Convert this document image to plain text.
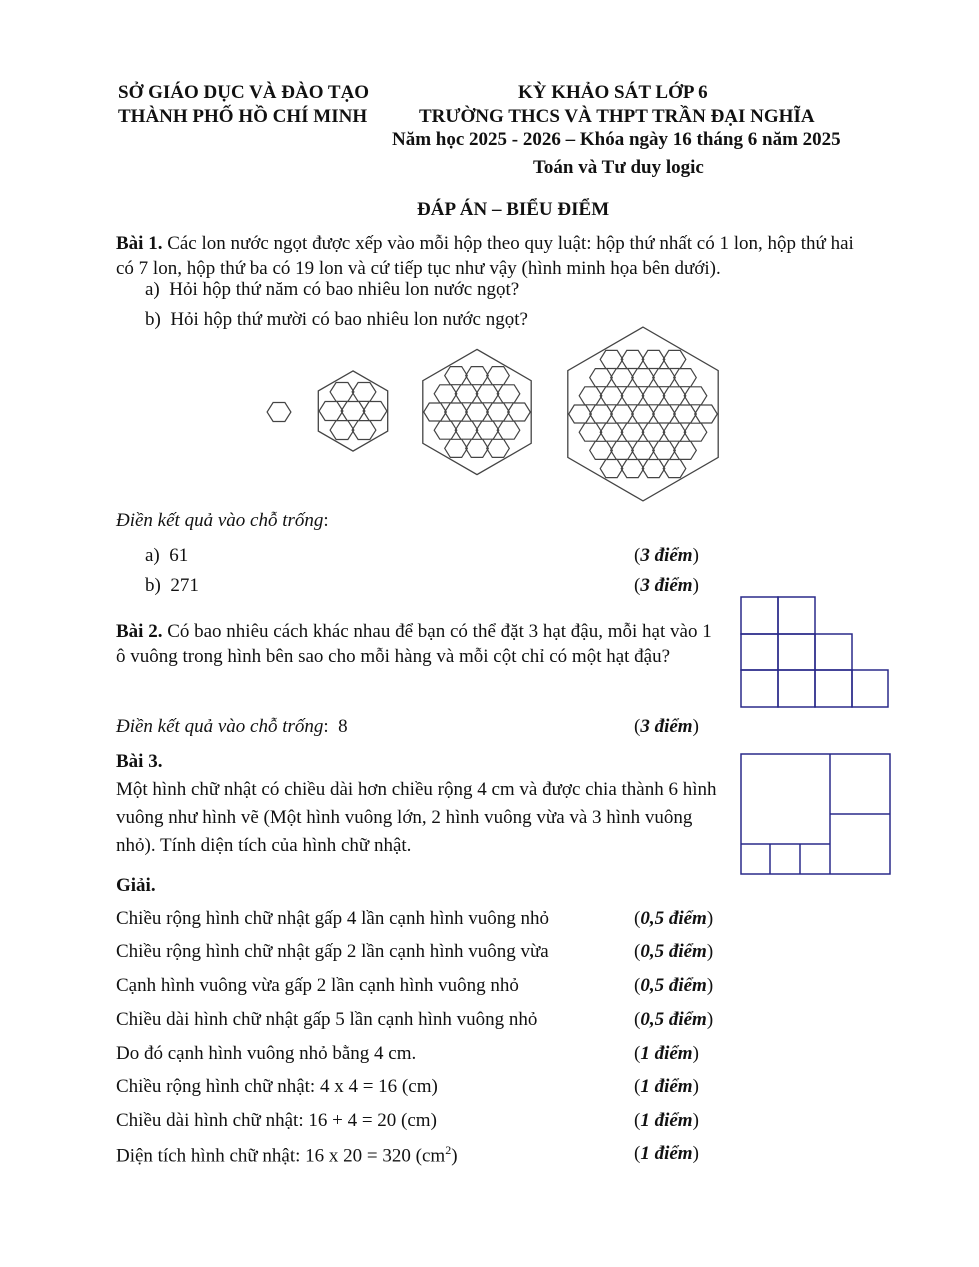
SỞ GIÁO DỤC VÀ ĐÀO TẠO
THÀNH PHỐ HỒ CHÍ MINH
KỲ KHẢO SÁT LỚP 6
TRƯỜNG THCS VÀ THPT TRẦN ĐẠI NGHĨA
Năm học 2025 - 2026 – Khóa ngày 16 tháng 6 năm 2025
Toán và Tư duy logic
ĐÁP ÁN – BIỂU ĐIỂM
Bài 1. Các lon nước ngọt được xếp vào mỗi hộp theo quy luật: hộp thứ nhất có 1 lon, hộp thứ hai có 7 lon, hộp thứ ba có 19 lon và cứ tiếp tục như vậy (hình minh họa bên dưới).
a) Hỏi hộp thứ năm có bao nhiêu lon nước ngọt?
b) Hỏi hộp thứ mười có bao nhiêu lon nước ngọt?
Điền kết quả vào chỗ trống:
a) 61	(3 điểm)
b) 271	(3 điểm)
Bài 2. Có bao nhiêu cách khác nhau để bạn có thể đặt 3 hạt đậu, mỗi hạt vào 1 ô vuông trong hình bên sao cho mỗi hàng và mỗi cột chỉ có một hạt đậu?
Điền kết quả vào chỗ trống: 8	(3 điểm)
Bài 3.
Một hình chữ nhật có chiều dài hơn chiều rộng 4 cm và được chia thành 6 hình vuông như hình vẽ (Một hình vuông lớn, 2 hình vuông vừa và 3 hình vuông nhỏ). Tính diện tích của hình chữ nhật.
Giải.
Chiều rộng hình chữ nhật gấp 4 lần cạnh hình vuông nhỏ	(0,5 điểm)
Chiều rộng hình chữ nhật gấp 2 lần cạnh hình vuông vừa	(0,5 điểm)
Cạnh hình vuông vừa gấp 2 lần cạnh hình vuông nhỏ	(0,5 điểm)
Chiều dài hình chữ nhật gấp 5 lần cạnh hình vuông nhỏ	(0,5 điểm)
Do đó cạnh hình vuông nhỏ bằng 4 cm.	(1 điểm)
Chiều rộng hình chữ nhật: 4 x 4 = 16 (cm)	(1 điểm)
Chiều dài hình chữ nhật: 16 + 4 = 20 (cm)	(1 điểm)
Diện tích hình chữ nhật: 16 x 20 = 320 $(cm^2)$	(1 điểm)
